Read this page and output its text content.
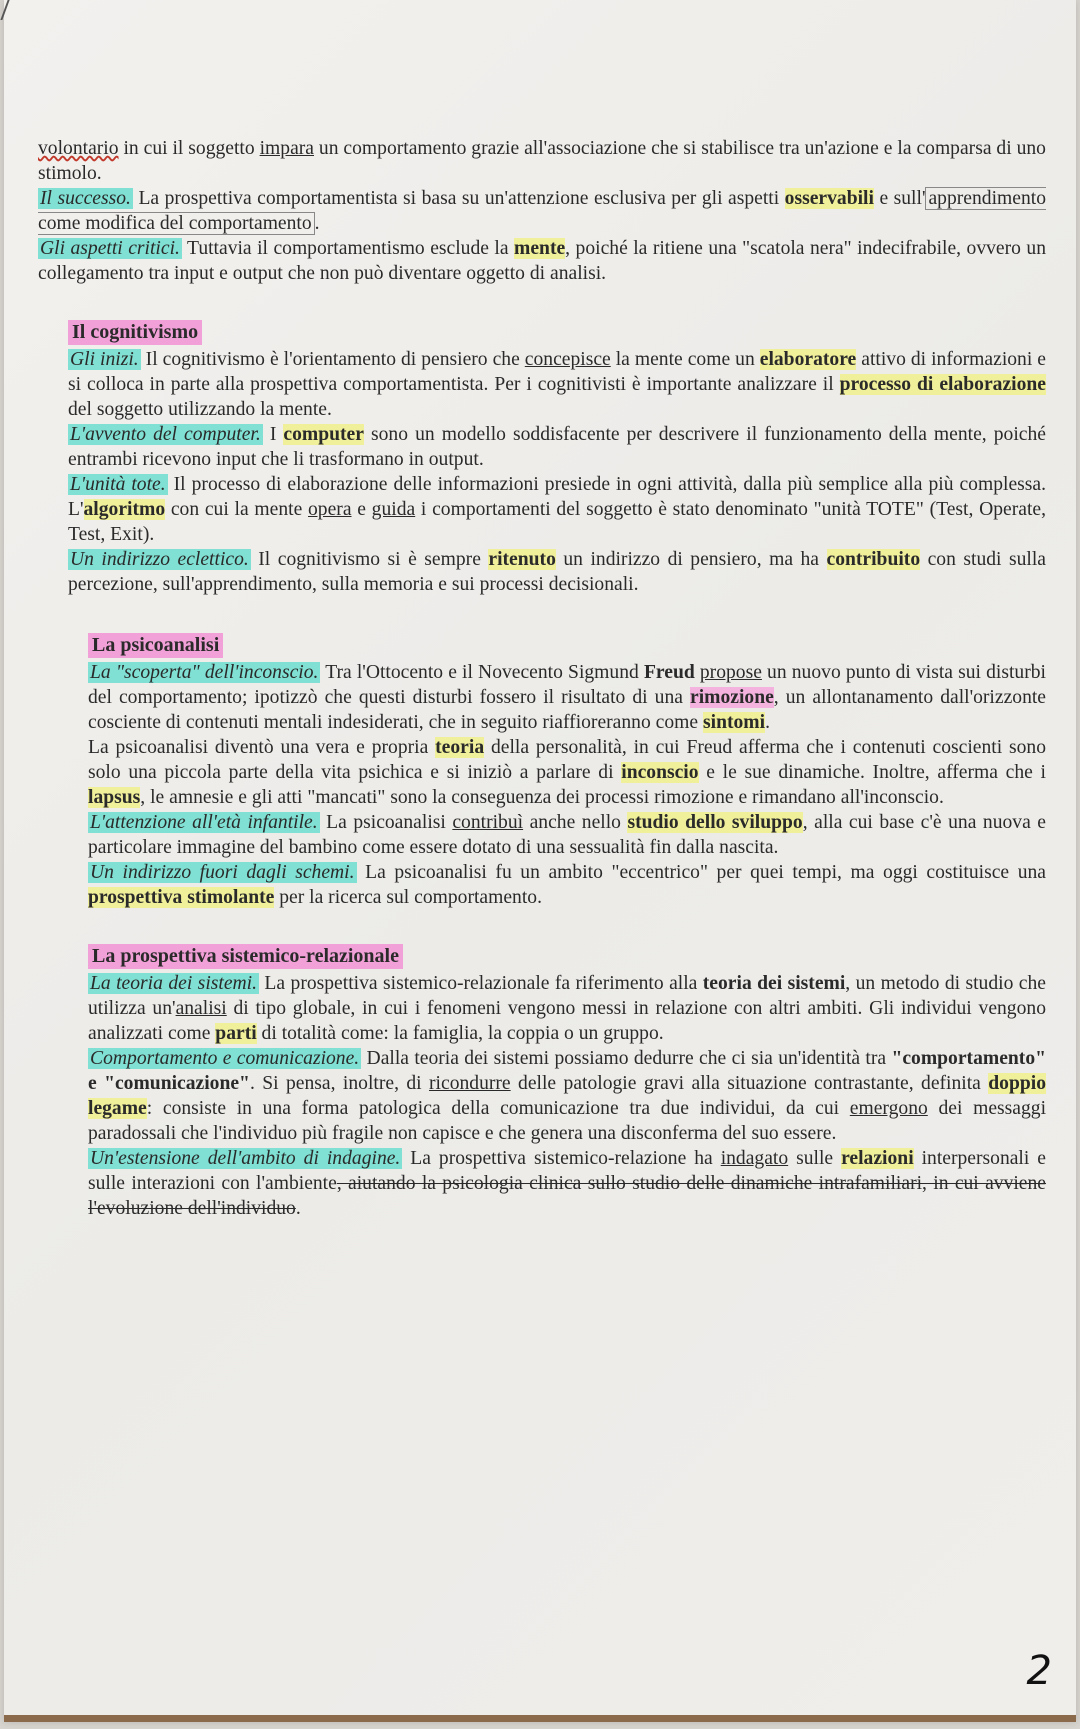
volontario in cui il soggetto impara un comportamento grazie all'associazione che si stabilisce tra un'azione e la comparsa di uno stimolo.

Il successo. La prospettiva comportamentista si basa su un'attenzione esclusiva per gli aspetti osservabili e sull' apprendimento come modifica del comportamento .

Gli aspetti critici. Tuttavia il comportamentismo esclude la mente, poiché la ritiene una "scatola nera" indecifrabile, ovvero un collegamento tra input e output che non può diventare oggetto di analisi.

Il cognitivismo

Gli inizi. Il cognitivismo è l'orientamento di pensiero che concepisce la mente come un elaboratore attivo di informazioni e si colloca in parte alla prospettiva comportamentista. Per i cognitivisti è importante analizzare il processo di elaborazione del soggetto utilizzando la mente.

L'avvento del computer. I computer sono un modello soddisfacente per descrivere il funzionamento della mente, poiché entrambi ricevono input che li trasformano in output.

L'unità tote. Il processo di elaborazione delle informazioni presiede in ogni attività, dalla più semplice alla più complessa. L'algoritmo con cui la mente opera e guida i comportamenti del soggetto è stato denominato "unità TOTE" (Test, Operate, Test, Exit).

Un indirizzo eclettico. Il cognitivismo si è sempre ritenuto un indirizzo di pensiero, ma ha contribuito con studi sulla percezione, sull'apprendimento, sulla memoria e sui processi decisionali.

La psicoanalisi

La "scoperta" dell'inconscio. Tra l'Ottocento e il Novecento Sigmund Freud propose un nuovo punto di vista sui disturbi del comportamento; ipotizzò che questi disturbi fossero il risultato di una rimozione, un allontanamento dall'orizzonte cosciente di contenuti mentali indesiderati, che in seguito riaffioreranno come sintomi.

La psicoanalisi diventò una vera e propria teoria della personalità, in cui Freud afferma che i contenuti coscienti sono solo una piccola parte della vita psichica e si iniziò a parlare di inconscio e le sue dinamiche. Inoltre, afferma che i lapsus, le amnesie e gli atti "mancati" sono la conseguenza dei processi rimozione e rimandano all'inconscio.

L'attenzione all'età infantile. La psicoanalisi contribuì anche nello studio dello sviluppo, alla cui base c'è una nuova e particolare immagine del bambino come essere dotato di una sessualità fin dalla nascita.

Un indirizzo fuori dagli schemi. La psicoanalisi fu un ambito "eccentrico" per quei tempi, ma oggi costituisce una prospettiva stimolante per la ricerca sul comportamento.

La prospettiva sistemico-relazionale

La teoria dei sistemi. La prospettiva sistemico-relazionale fa riferimento alla teoria dei sistemi, un metodo di studio che utilizza un'analisi di tipo globale, in cui i fenomeni vengono messi in relazione con altri ambiti. Gli individui vengono analizzati come parti di totalità come: la famiglia, la coppia o un gruppo.

Comportamento e comunicazione. Dalla teoria dei sistemi possiamo dedurre che ci sia un'identità tra "comportamento" e "comunicazione". Si pensa, inoltre, di ricondurre delle patologie gravi alla situazione contrastante, definita doppio legame: consiste in una forma patologica della comunicazione tra due individui, da cui emergono dei messaggi paradossali che l'individuo più fragile non capisce e che genera una disconferma del suo essere.

Un'estensione dell'ambito di indagine. La prospettiva sistemico-relazione ha indagato sulle relazioni interpersonali e sulle interazioni con l'ambiente, aiutando la psicologia clinica sullo studio delle dinamiche intrafamiliari, in cui avviene l'evoluzione dell'individuo.

2
